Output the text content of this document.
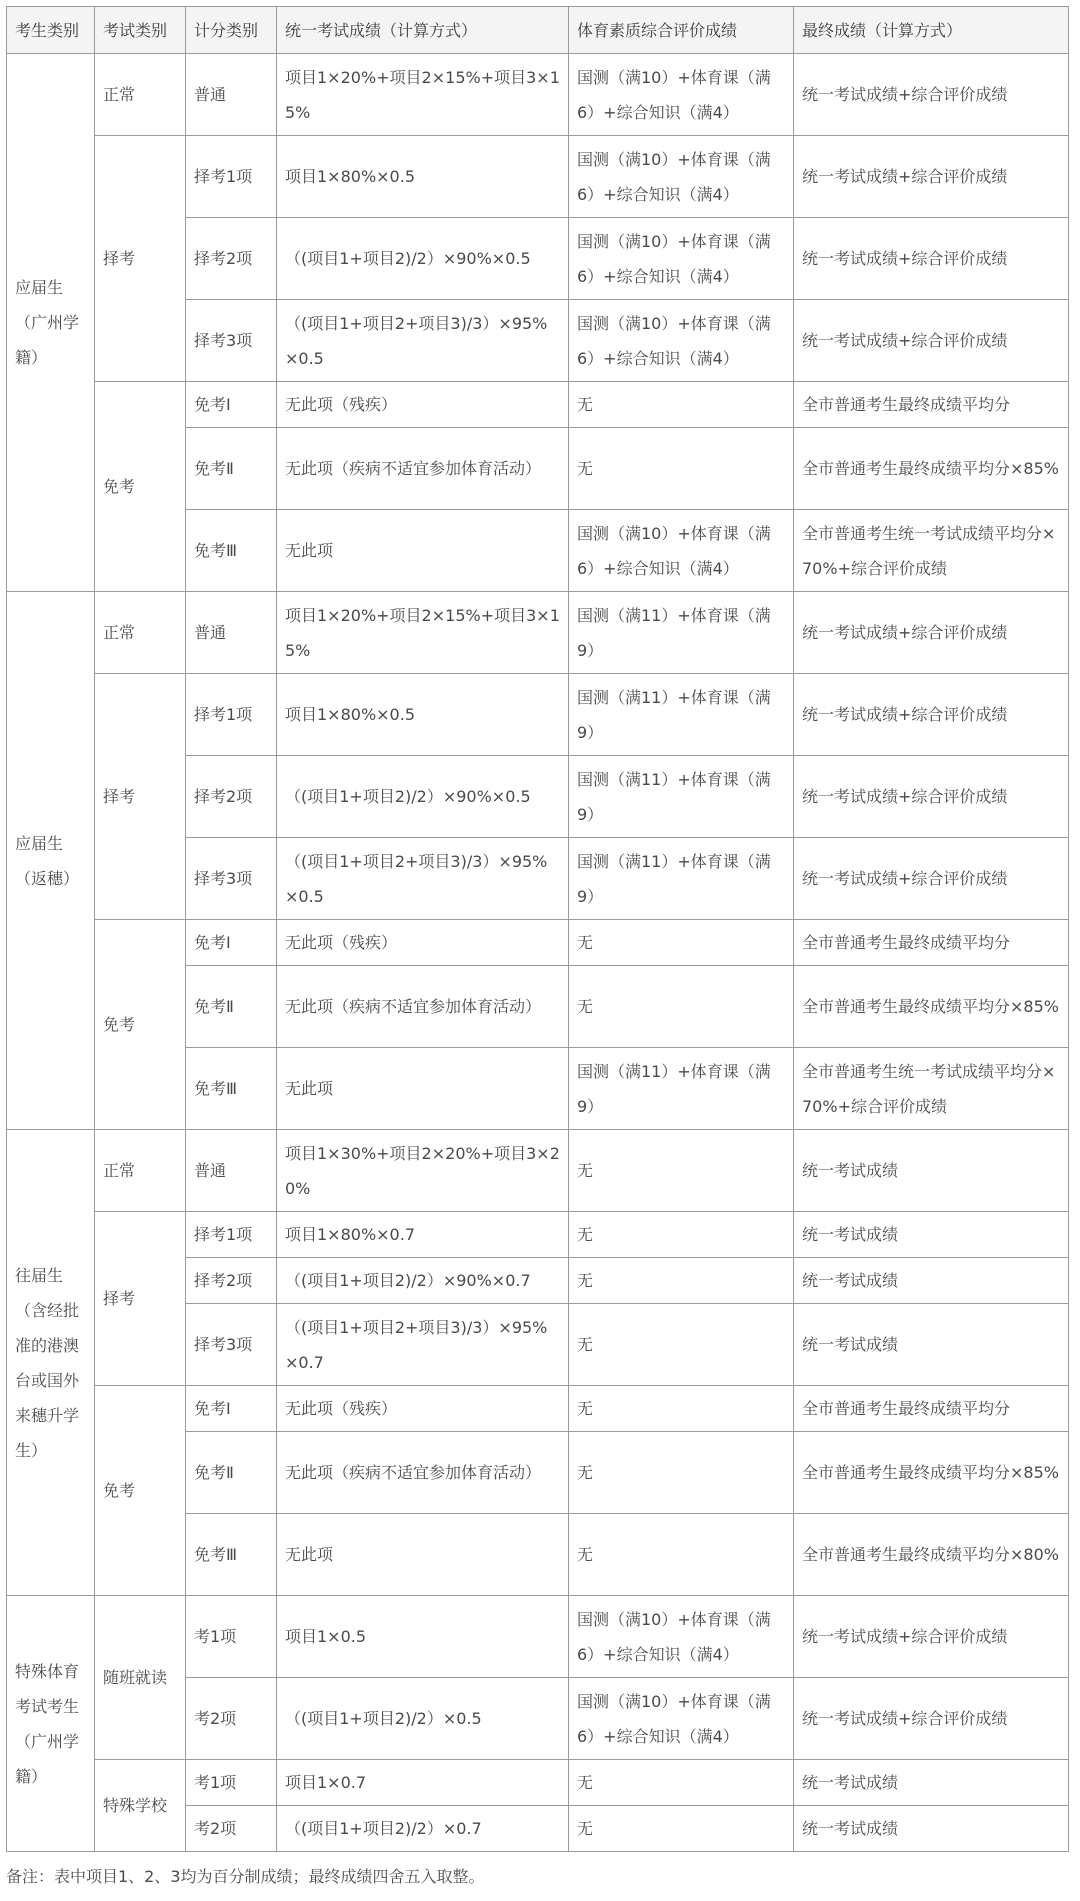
考生类别	考试类别	计分类别	统一考试成绩（计算方式）	体育素质综合评价成绩	最终成绩（计算方式）
应届生（广州学籍）	正常	普通	项目1×20%+项目2×15%+项目3×15%	国测（满10）+体育课（满6）+综合知识（满4）	统一考试成绩+综合评价成绩
	择考	择考1项	项目1×80%×0.5	国测（满10）+体育课（满6）+综合知识（满4）	统一考试成绩+综合评价成绩
		择考2项	（(项目1+项目2)/2）×90%×0.5	国测（满10）+体育课（满6）+综合知识（满4）	统一考试成绩+综合评价成绩
		择考3项	（(项目1+项目2+项目3)/3）×95%×0.5	国测（满10）+体育课（满6）+综合知识（满4）	统一考试成绩+综合评价成绩
	免考	免考Ⅰ	无此项（残疾）	无	全市普通考生最终成绩平均分
		免考Ⅱ	无此项（疾病不适宜参加体育活动）	无	全市普通考生最终成绩平均分×85%
		免考Ⅲ	无此项	国测（满10）+体育课（满6）+综合知识（满4）	全市普通考生统一考试成绩平均分×70%+综合评价成绩
应届生（返穗）	正常	普通	项目1×20%+项目2×15%+项目3×15%	国测（满11）+体育课（满9）	统一考试成绩+综合评价成绩
	择考	择考1项	项目1×80%×0.5	国测（满11）+体育课（满9）	统一考试成绩+综合评价成绩
		择考2项	（(项目1+项目2)/2）×90%×0.5	国测（满11）+体育课（满9）	统一考试成绩+综合评价成绩
		择考3项	（(项目1+项目2+项目3)/3）×95%×0.5	国测（满11）+体育课（满9）	统一考试成绩+综合评价成绩
	免考	免考Ⅰ	无此项（残疾）	无	全市普通考生最终成绩平均分
		免考Ⅱ	无此项（疾病不适宜参加体育活动）	无	全市普通考生最终成绩平均分×85%
		免考Ⅲ	无此项	国测（满11）+体育课（满9）	全市普通考生统一考试成绩平均分×70%+综合评价成绩
往届生（含经批准的港澳台或国外来穗升学生）	正常	普通	项目1×30%+项目2×20%+项目3×20%	无	统一考试成绩
	择考	择考1项	项目1×80%×0.7	无	统一考试成绩
		择考2项	（(项目1+项目2)/2）×90%×0.7	无	统一考试成绩
		择考3项	（(项目1+项目2+项目3)/3）×95%×0.7	无	统一考试成绩
	免考	免考Ⅰ	无此项（残疾）	无	全市普通考生最终成绩平均分
		免考Ⅱ	无此项（疾病不适宜参加体育活动）	无	全市普通考生最终成绩平均分×85%
		免考Ⅲ	无此项	无	全市普通考生最终成绩平均分×80%
特殊体育考试考生（广州学籍）	随班就读	考1项	项目1×0.5	国测（满10）+体育课（满6）+综合知识（满4）	统一考试成绩+综合评价成绩
		考2项	（(项目1+项目2)/2）×0.5	国测（满10）+体育课（满6）+综合知识（满4）	统一考试成绩+综合评价成绩
	特殊学校	考1项	项目1×0.7	无	统一考试成绩
		考2项	（(项目1+项目2)/2）×0.7	无	统一考试成绩
备注：表中项目1、2、3均为百分制成绩；最终成绩四舍五入取整。
